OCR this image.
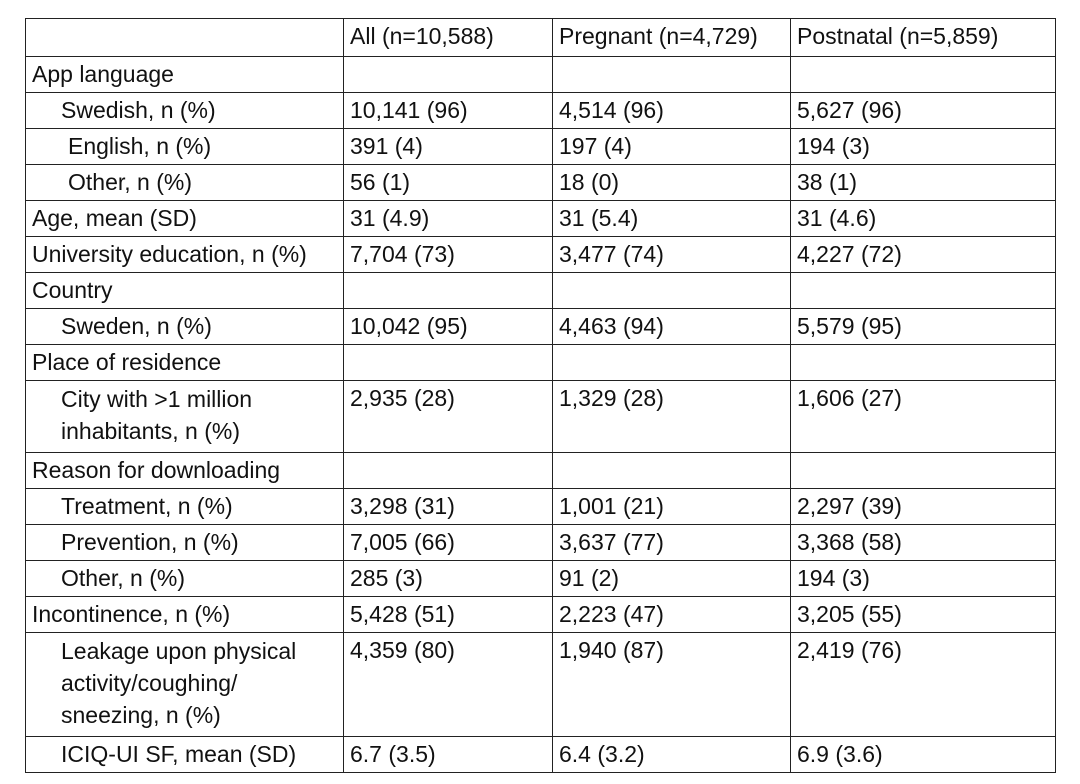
	All (n=10,588)	Pregnant (n=4,729)	Postnatal (n=5,859)
App language			
Swedish, n (%)	10,141 (96)	4,514 (96)	5,627 (96)
English, n (%)	391 (4)	197 (4)	194 (3)
Other, n (%)	56 (1)	18 (0)	38 (1)
Age, mean (SD)	31 (4.9)	31 (5.4)	31 (4.6)
University education, n (%)	7,704 (73)	3,477 (74)	4,227 (72)
Country			
Sweden, n (%)	10,042 (95)	4,463 (94)	5,579 (95)
Place of residence			
City with >1 million inhabitants, n (%)	2,935 (28)	1,329 (28)	1,606 (27)
Reason for downloading			
Treatment, n (%)	3,298 (31)	1,001 (21)	2,297 (39)
Prevention, n (%)	7,005 (66)	3,637 (77)	3,368 (58)
Other, n (%)	285 (3)	91 (2)	194 (3)
Incontinence, n (%)	5,428 (51)	2,223 (47)	3,205 (55)
Leakage upon physical activity/coughing/ sneezing, n (%)	4,359 (80)	1,940 (87)	2,419 (76)
ICIQ-UI SF, mean (SD)	6.7 (3.5)	6.4 (3.2)	6.9 (3.6)
